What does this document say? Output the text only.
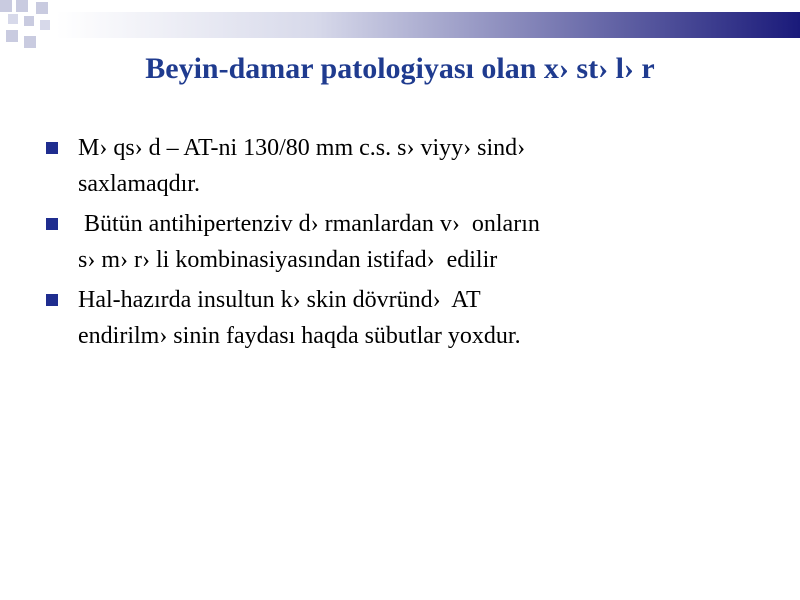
Beyin-damar patologiyası olan x› st› l› r
M› qs› d – AT-ni 130/80 mm c.s. s› viyy› sind›
saxlamaqdır.
Bütün antihipertenziv d› rmanlardan v›  onların
s› m› r› li kombinasiyasından istifad›  edilir
Hal-hazırda insultun k› skin dövründ›  AT
endirilm› sinin faydası haqda sübutlar yoxdur.
